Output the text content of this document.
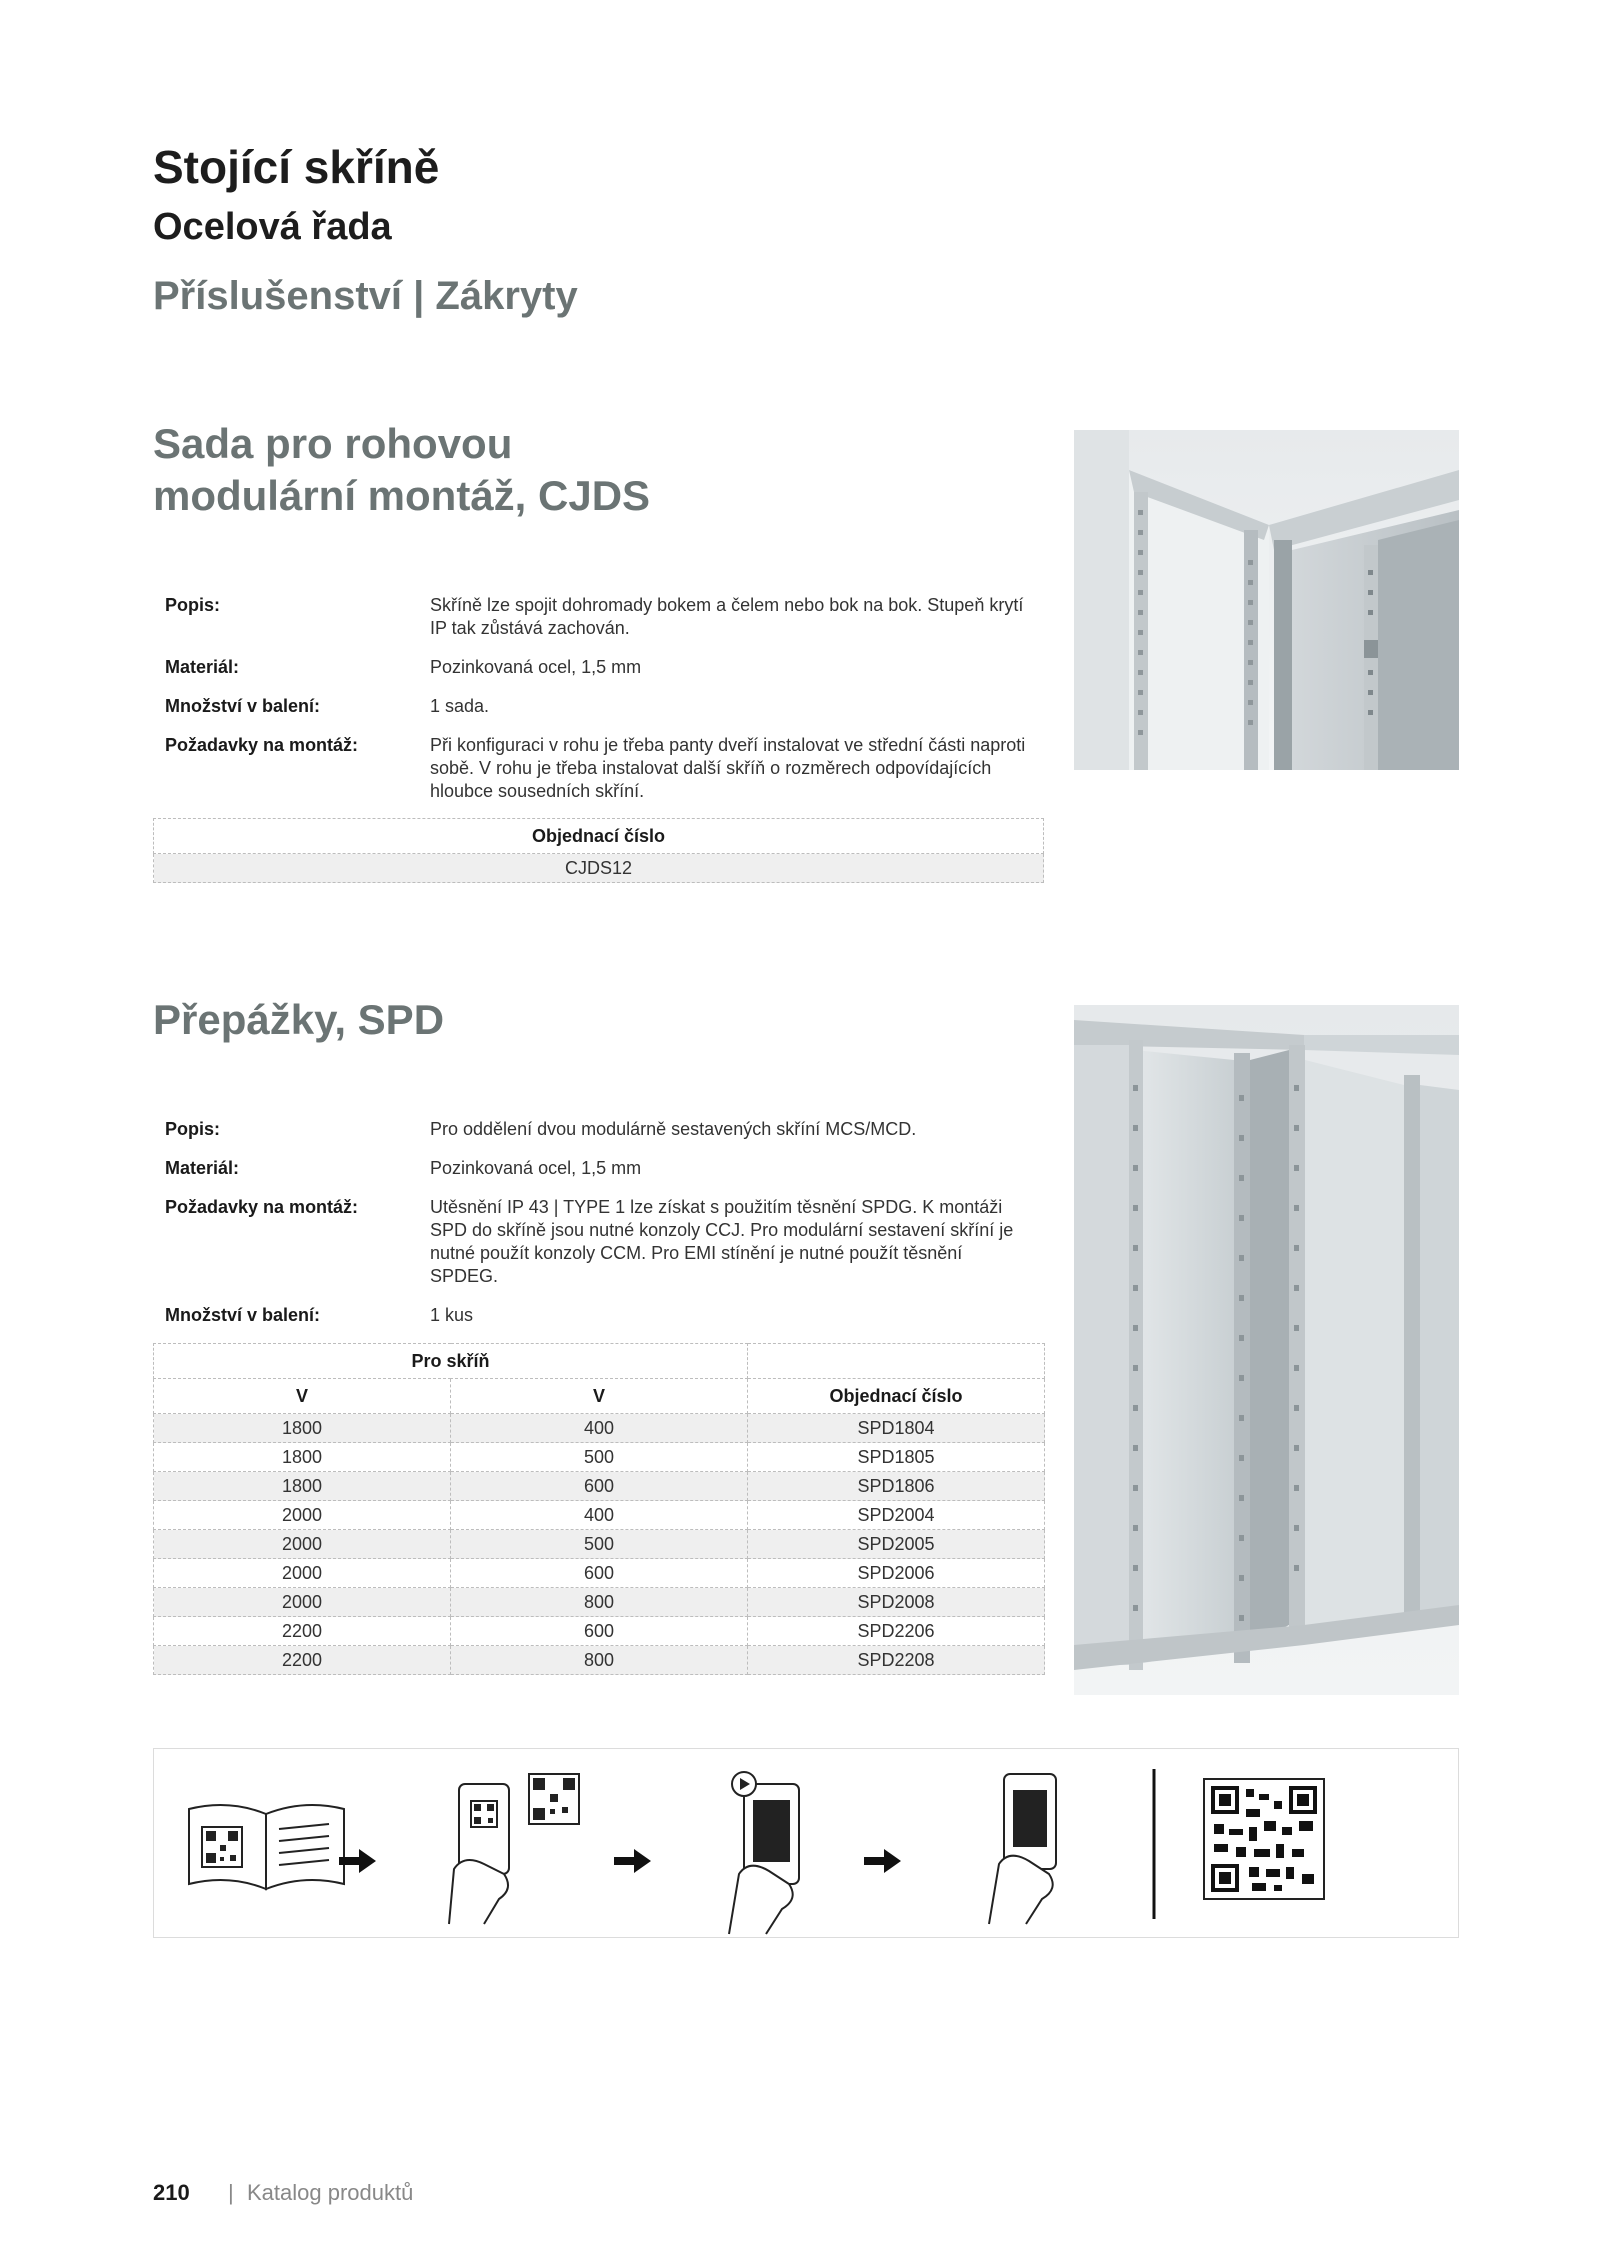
Stojící skříně
Ocelová řada
Příslušenství | Zákryty
Sada pro rohovou
modulární montáž, CJDS
Popis:	Skříně lze spojit dohromady bokem a čelem nebo bok na bok. Stupeň krytí IP tak zůstává zachován.
Materiál:	Pozinkovaná ocel, 1,5 mm
Množství v balení:	1 sada.
Požadavky na montáž:	Při konfiguraci v rohu je třeba panty dveří instalovat ve střední části naproti sobě. V rohu je třeba instalovat další skříň o rozměrech odpovídajících hloubce sousedních skříní.
Objednací číslo
CJDS12
Přepážky, SPD
Popis:	Pro oddělení dvou modulárně sestavených skříní MCS/MCD.
Materiál:	Pozinkovaná ocel, 1,5 mm
Požadavky na montáž:	Utěsnění IP 43 | TYPE 1 lze získat s použitím těsnění SPDG. K montáži SPD do skříně jsou nutné konzoly CCJ. Pro modulární sestavení skříní je nutné použít konzoly CCM. Pro EMI stínění je nutné použít těsnění SPDEG.
Množství v balení:	1 kus
Pro skříň		
V	V	Objednací číslo
1800	400	SPD1804
1800	500	SPD1805
1800	600	SPD1806
2000	400	SPD2004
2000	500	SPD2005
2000	600	SPD2006
2000	800	SPD2008
2200	600	SPD2206
2200	800	SPD2208
210 | Katalog produktů
